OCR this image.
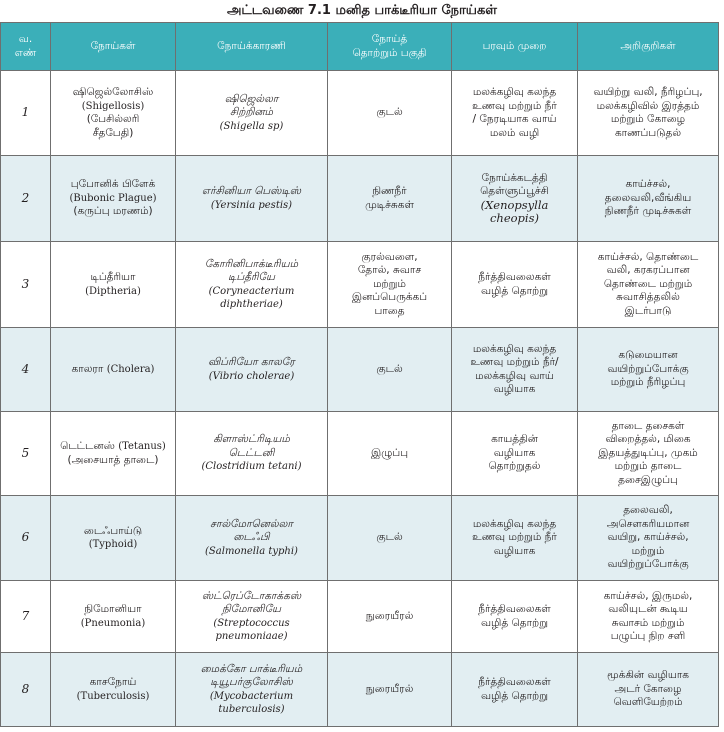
அட்டவணை 7.1 மனித பாக்டீரியா நோய்கள்
வ.
எண்	நோய்கள்	நோய்க்காரணி	நோய்த்
தொற்றும் பகுதி	பரவும் முறை	அறிகுறிகள்

1	ஷிஜெல்லோசிஸ்
(Shigellosis)
(பேசில்லரி
சீதபேதி)	ஷிஜெல்லா
சிற்றினம்
(Shigella sp)	குடல்	மலக்கழிவு கலந்த
உணவு மற்றும் நீர்
/ நேரடியாக வாய்
மலம் வழி	வயிற்று வலி, நீரிழப்பு,
மலக்கழிவில் இரத்தம்
மற்றும் கோழை
காணப்படுதல்

2	புபோனிக் பிளேக்
(Bubonic Plague)
(கருப்பு மரணம்)	எர்சினியா பெஸ்டிஸ்
(Yersinia pestis)	நிணநீர்
முடிச்சுகள்	நோய்க்கடத்தி
தெள்ளுப்பூச்சி
(Xenopsylla
cheopis)	காய்ச்சல்,
தலைவலி,வீங்கிய
நிணநீர் முடிச்சுகள்

3	டிப்தீரியா
(Diptheria)	கோரினிபாக்டீரியம்
டிப்தீரியே
(Coryneacterium diphtheriae)	குரல்வளை,
தோல், சுவாச
மற்றும்
இனப்பெருக்கப்
பாதை	நீர்த்திவலைகள்
வழித் தொற்று	காய்ச்சல், தொண்டை
வலி, கரகரப்பான
தொண்டை மற்றும்
சுவாசித்தலில்
இடர்பாடு

4	காலரா (Cholera)	விப்ரியோ காலரே
(Vibrio cholerae)	குடல்	மலக்கழிவு கலந்த
உணவு மற்றும் நீர்/
மலக்கழிவு வாய்
வழியாக	கடுமையான
வயிற்றுப்போக்கு
மற்றும் நீரிழப்பு

5	டெட்டனஸ் (Tetanus)
(அசையாத் தாடை)	கிளாஸ்ட்ரிடியம்
டெட்டனி
(Clostridium tetani)	இழுப்பு	காயத்தின்
வழியாக
தொற்றுதல்	தாடை தசைகள்
விறைத்தல், மிகை
இதயத்துடிப்பு, முகம்
மற்றும் தாடை
தசைஇழுப்பு

6	டைஃபாய்டு
(Typhoid)	சால்மோனெல்லா
டைஃபி
(Salmonella typhi)	குடல்	மலக்கழிவு கலந்த
உணவு மற்றும் நீர்
வழியாக	தலைவலி,
அசௌகரியமான
வயிறு, காய்ச்சல்,
மற்றும்
வயிற்றுப்போக்கு

7	நிமோனியா
(Pneumonia)	ஸ்ட்ரெப்டோகாக்கஸ்
நிமோனியே
(Streptococcus pneumoniaae)	நுரையீரல்	நீர்த்திவலைகள்
வழித் தொற்று	காய்ச்சல், இருமல்,
வலியுடன் கூடிய
சுவாசம் மற்றும்
பழுப்பு நிற சளி

8	காசநோய்
(Tuberculosis)	மைக்கோ பாக்டீரியம்
டியூபர்குலோசிஸ்
(Mycobacterium tuberculosis)	நுரையீரல்	நீர்த்திவலைகள்
வழித் தொற்று	மூக்கின் வழியாக
அடர் கோழை
வெளியேற்றம்
